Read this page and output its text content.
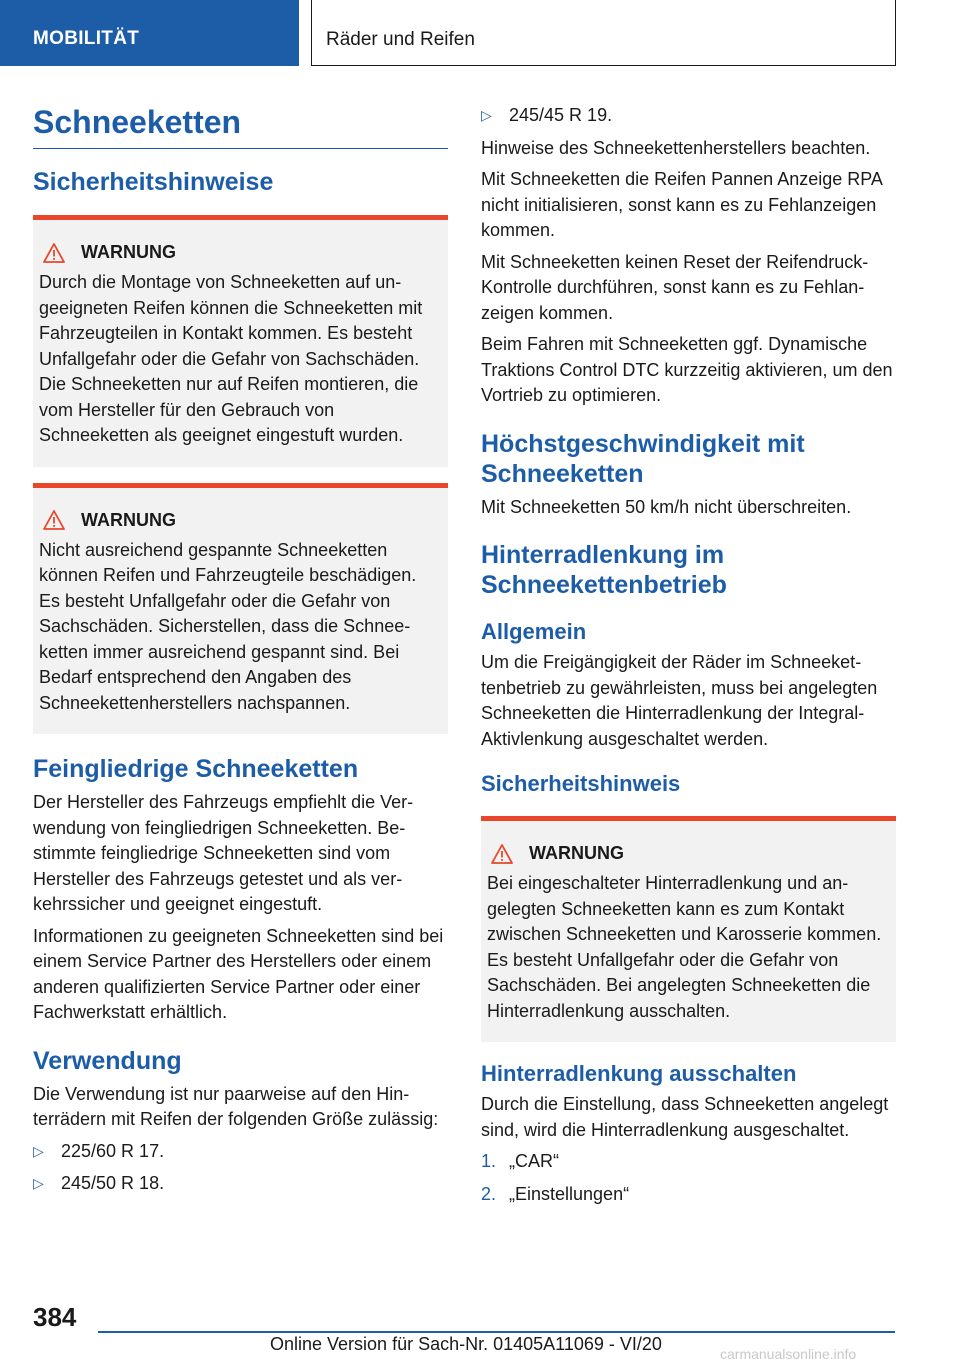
MOBILITÄT	Räder und Reifen
Schneeketten
Sicherheitshinweise
WARNUNG

Durch die Montage von Schneeketten auf ungeeigneten Reifen können die Schneeketten mit Fahrzeugteilen in Kontakt kommen. Es besteht Unfallgefahr oder die Gefahr von Sachschäden. Die Schneeketten nur auf Reifen montieren, die vom Hersteller für den Gebrauch von Schneeketten als geeignet eingestuft wurden.

WARNUNG

Nicht ausreichend gespannte Schneeketten können Reifen und Fahrzeugteile beschädigen. Es besteht Unfallgefahr oder die Gefahr von Sachschäden. Sicherstellen, dass die Schneeketten immer ausreichend gespannt sind. Bei Bedarf entsprechend den Angaben des Schneekettenherstellers nachspannen.

Feingliedrige Schneeketten

Der Hersteller des Fahrzeugs empfiehlt die Verwendung von feingliedrigen Schneeketten. Bestimmte feingliedrige Schneeketten sind vom Hersteller des Fahrzeugs getestet und als verkehrssicher und geeignet eingestuft.

Informationen zu geeigneten Schneeketten sind bei einem Service Partner des Herstellers oder einem anderen qualifizierten Service Partner oder einer Fachwerkstatt erhältlich.

Verwendung

Die Verwendung ist nur paarweise auf den Hinterrädern mit Reifen der folgenden Größe zulässig:

▷ 225/60 R 17.
▷ 245/50 R 18.
▷ 245/45 R 19.

Hinweise des Schneekettenherstellers beachten.

Mit Schneeketten die Reifen Pannen Anzeige RPA nicht initialisieren, sonst kann es zu Fehlanzeigen kommen.

Mit Schneeketten keinen Reset der Reifendruck-Kontrolle durchführen, sonst kann es zu Fehlanzeigen kommen.

Beim Fahren mit Schneeketten ggf. Dynamische Traktions Control DTC kurzzeitig aktivieren, um den Vortrieb zu optimieren.

Höchstgeschwindigkeit mit Schneeketten

Mit Schneeketten 50 km/h nicht überschreiten.

Hinterradlenkung im Schneekettenbetrieb
Allgemein

Um die Freigängigkeit der Räder im Schneekettenbetrieb zu gewährleisten, muss bei angelegten Schneeketten die Hinterradlenkung der Integral-Aktivlenkung ausgeschaltet werden.

Sicherheitshinweis
WARNUNG

Bei eingeschalteter Hinterradlenkung und angelegten Schneeketten kann es zum Kontakt zwischen Schneeketten und Karosserie kommen. Es besteht Unfallgefahr oder die Gefahr von Sachschäden. Bei angelegten Schneeketten die Hinterradlenkung ausschalten.

Hinterradlenkung ausschalten

Durch die Einstellung, dass Schneeketten angelegt sind, wird die Hinterradlenkung ausgeschaltet.

1. „CAR“
2. „Einstellungen“
384
Online Version für Sach-Nr. 01405A11069 - VI/20	carmanualsonline.info
